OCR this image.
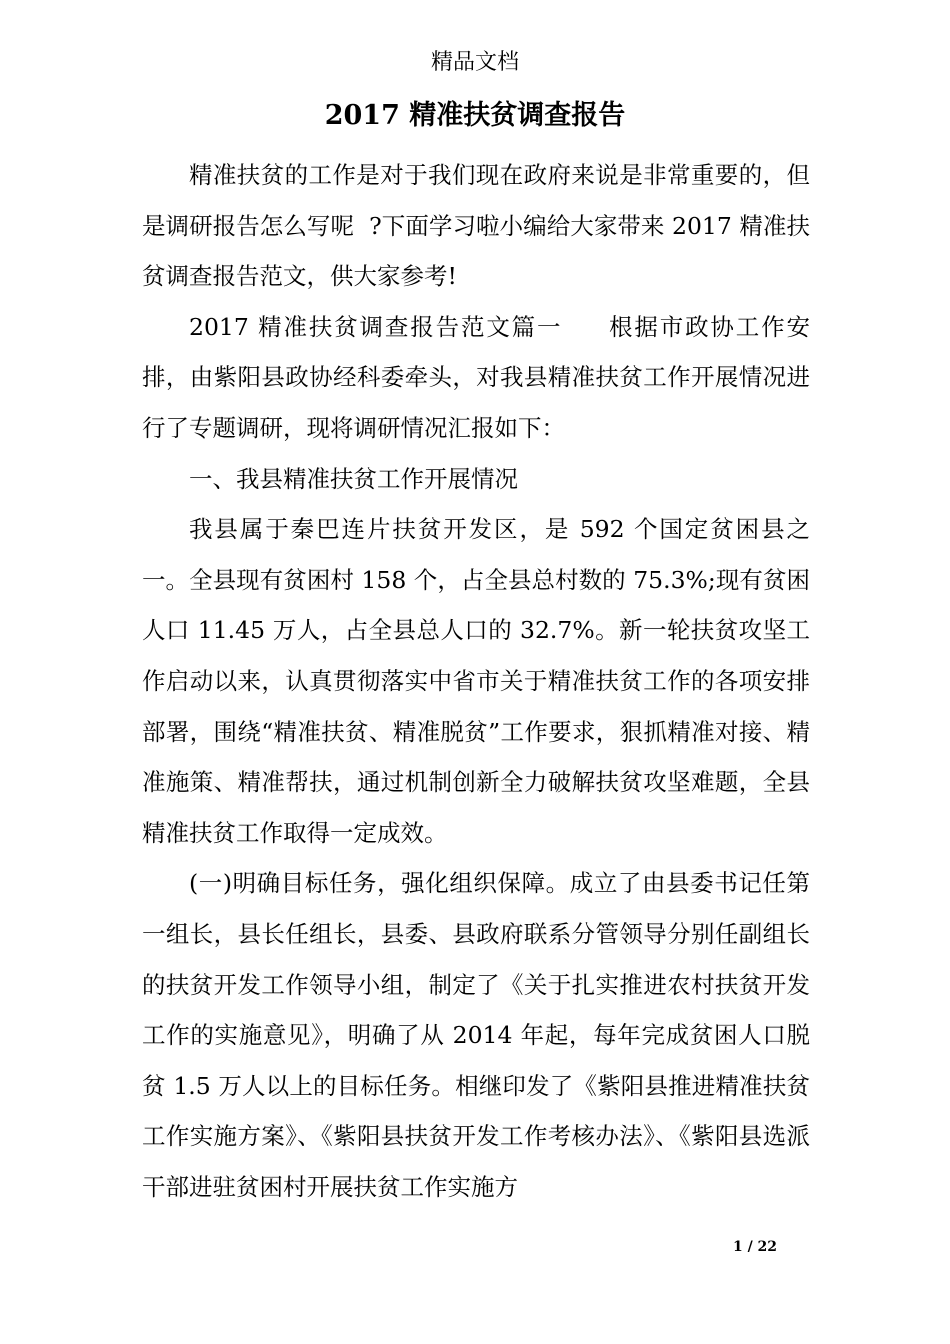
精品文档
2017 精准扶贫调查报告

精准扶贫的工作是对于我们现在政府来说是非常重要的，但是调研报告怎么写呢  ?下面学习啦小编给大家带来 2017 精准扶贫调查报告范文，供大家参考!

2017 精准扶贫调查报告范文篇一     根据市政协工作安排，由紫阳县政协经科委牵头，对我县精准扶贫工作开展情况进行了专题调研，现将调研情况汇报如下：

一、我县精准扶贫工作开展情况

我县属于秦巴连片扶贫开发区，是 592 个国定贫困县之一。全县现有贫困村 158 个，占全县总村数的 75.3%;现有贫困人口 11.45 万人，占全县总人口的 32.7%。新一轮扶贫攻坚工作启动以来，认真贯彻落实中省市关于精准扶贫工作的各项安排部署，围绕“精准扶贫、精准脱贫”工作要求，狠抓精准对接、精准施策、精准帮扶，通过机制创新全力破解扶贫攻坚难题，全县精准扶贫工作取得一定成效。

(一)明确目标任务，强化组织保障。成立了由县委书记任第一组长，县长任组长，县委、县政府联系分管领导分别任副组长的扶贫开发工作领导小组，制定了《关于扎实推进农村扶贫开发工作的实施意见》，明确了从 2014 年起，每年完成贫困人口脱贫 1.5 万人以上的目标任务。相继印发了《紫阳县推进精准扶贫工作实施方案》、《紫阳县扶贫开发工作考核办法》、《紫阳县选派干部进驻贫困村开展扶贫工作实施方

1 / 22
